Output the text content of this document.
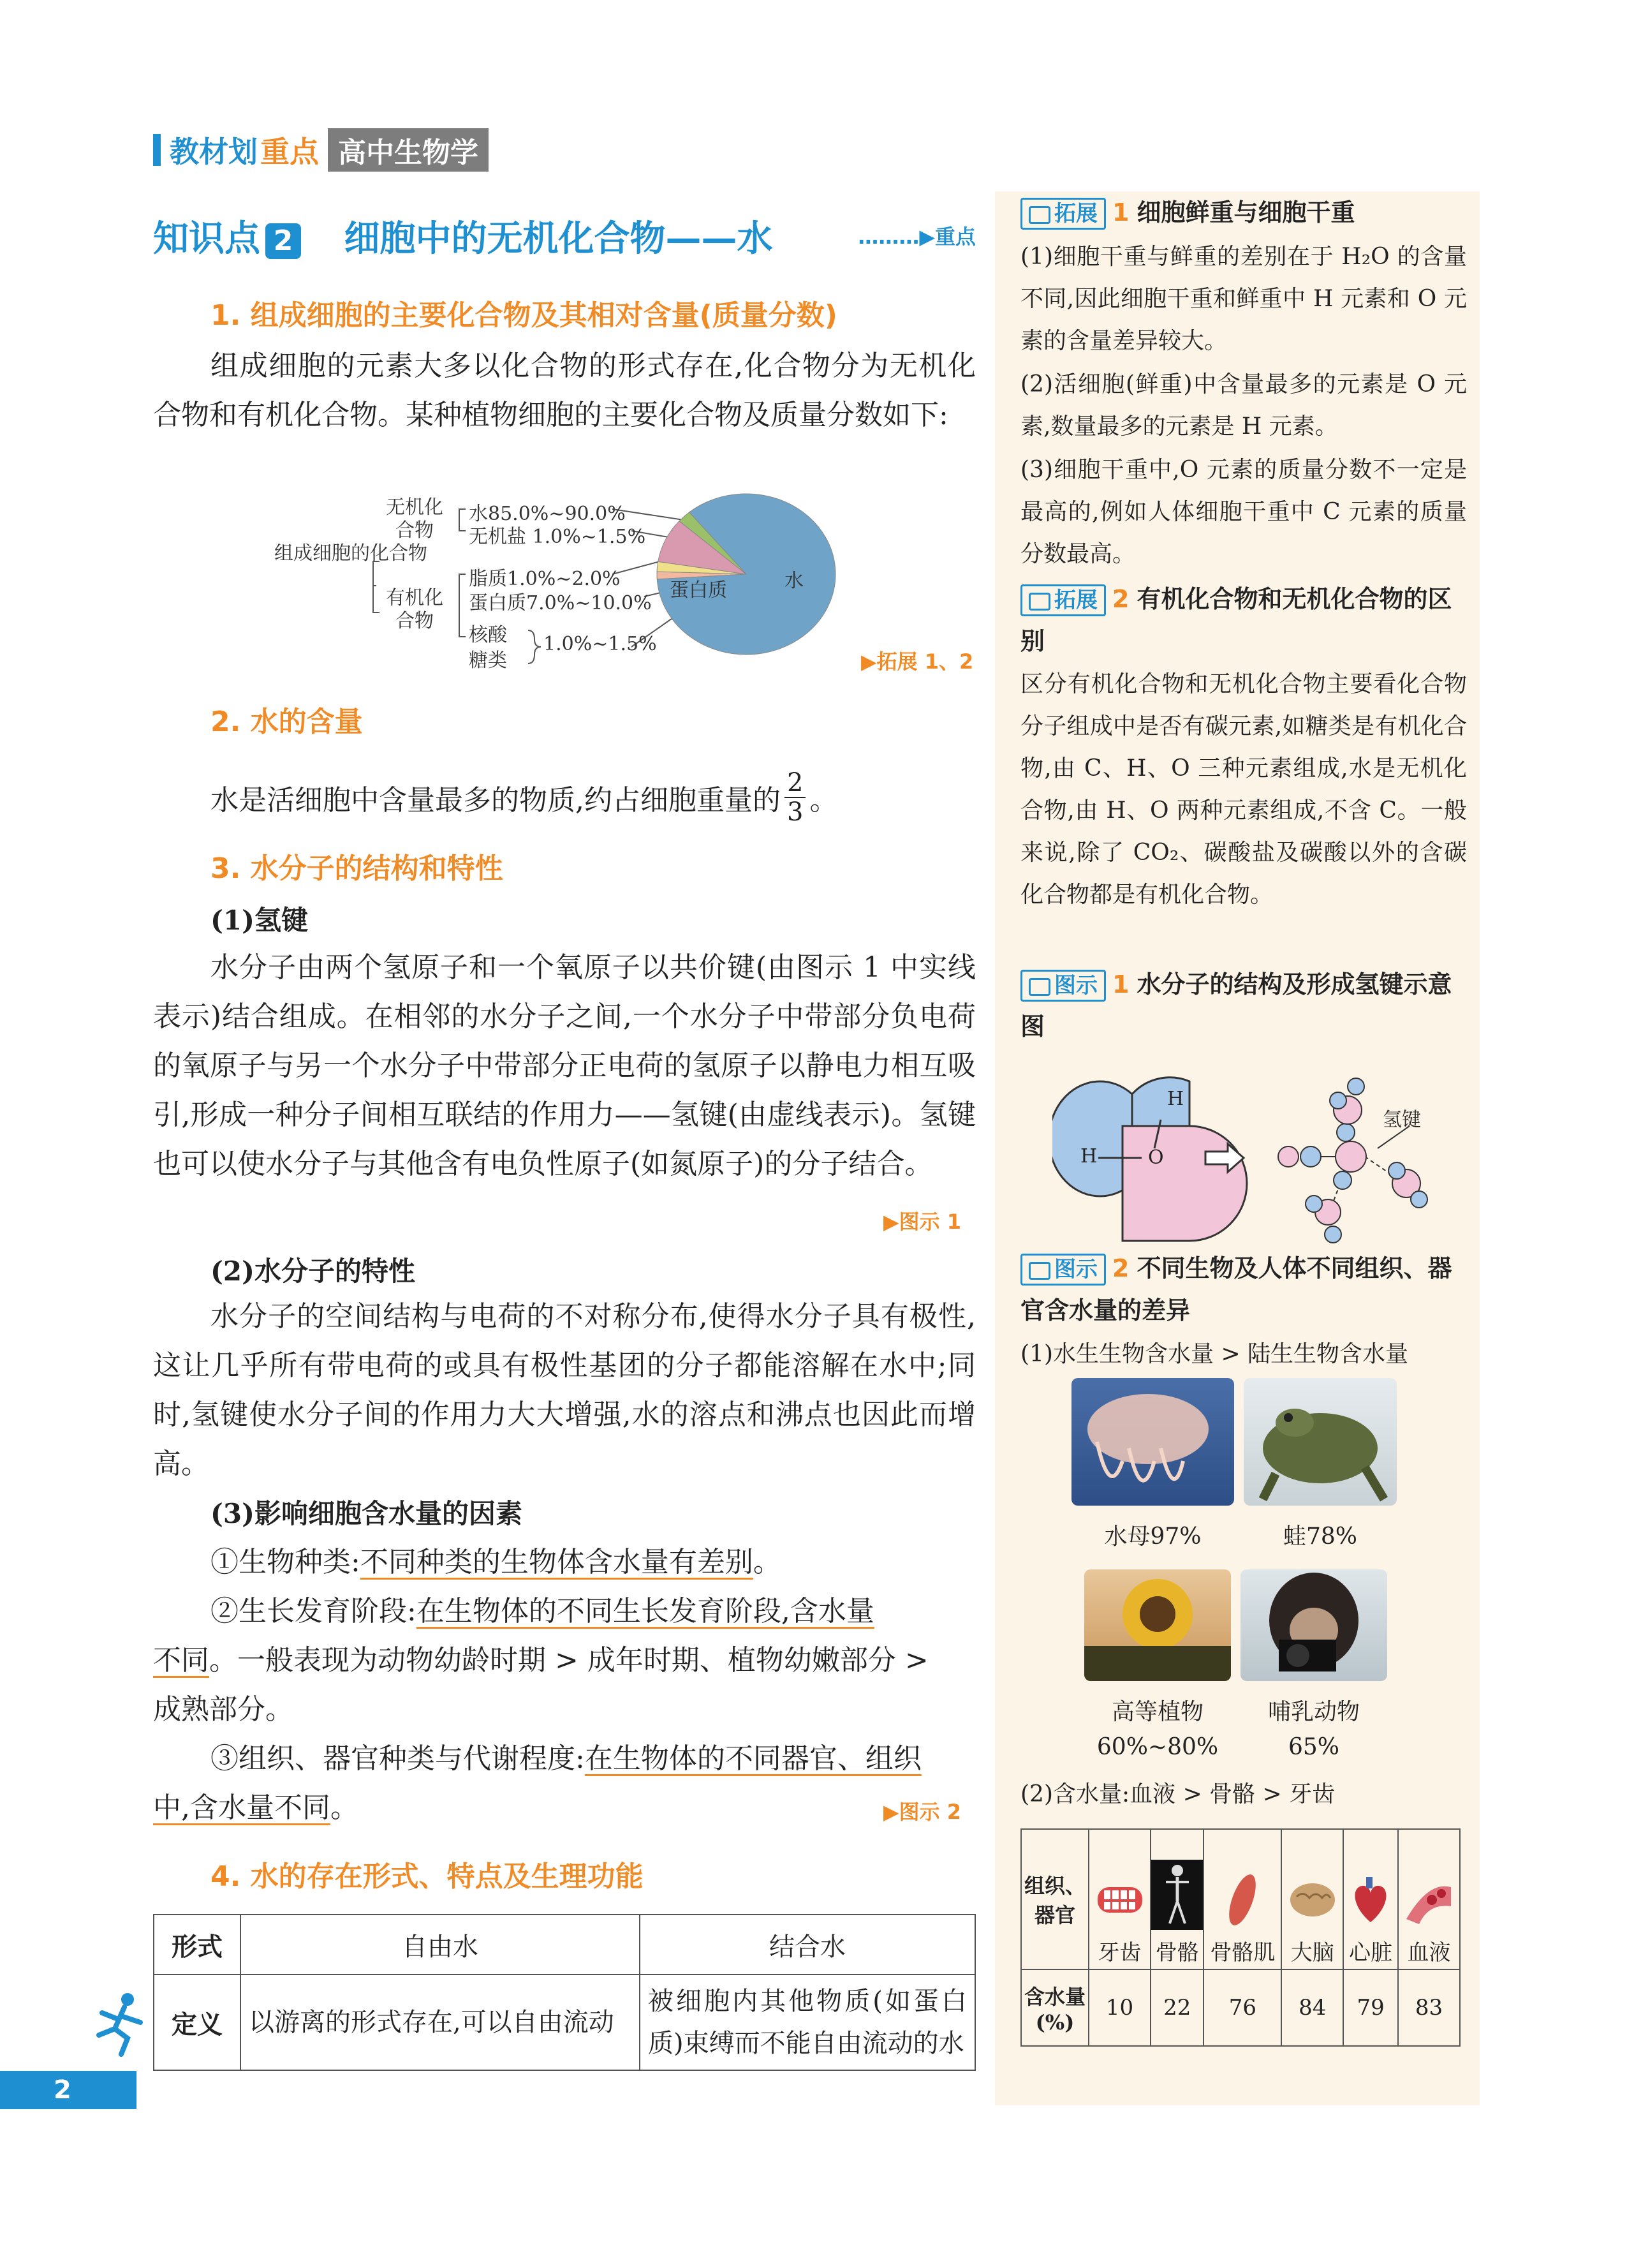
教材划 重点 高中生物学
知识点 2 细胞中的无机化合物——水	………▶重点
1. 组成细胞的主要化合物及其相对含量(质量分数)
组成细胞的元素大多以化合物的形式存在,化合物分为无机化合物和有机化合物。某种植物细胞的主要化合物及质量分数如下:
组成细胞的化合物
无机化合物
有机化合物
水85.0%~90.0%
无机盐 1.0%~1.5%
脂质1.0%~2.0%
蛋白质7.0%~10.0%
核酸
糖类
1.0%~1.5%
蛋白质	水
▶拓展 1、2
2. 水的含量
水是活细胞中含量最多的物质,约占细胞重量的 $\frac{2}{3}$ 。
3. 水分子的结构和特性
(1)氢键
水分子由两个氢原子和一个氧原子以共价键(由图示 1 中实线表示)结合组成。在相邻的水分子之间,一个水分子中带部分负电荷的氧原子与另一个水分子中带部分正电荷的氢原子以静电力相互吸引,形成一种分子间相互联结的作用力——氢键(由虚线表示)。氢键也可以使水分子与其他含有电负性原子(如氮原子)的分子结合。
▶图示 1
(2)水分子的特性
水分子的空间结构与电荷的不对称分布,使得水分子具有极性,这让几乎所有带电荷的或具有极性基团的分子都能溶解在水中;同时,氢键使水分子间的作用力大大增强,水的溶点和沸点也因此而增高。
(3)影响细胞含水量的因素
①生物种类:不同种类的生物体含水量有差别。
②生长发育阶段:在生物体的不同生长发育阶段,含水量
不同。一般表现为动物幼龄时期 > 成年时期、植物幼嫩部分 >
成熟部分。
③组织、器官种类与代谢程度:在生物体的不同器官、组织
中,含水量不同。	▶图示 2
4. 水的存在形式、特点及生理功能
形式	自由水	结合水
定义	以游离的形式存在,可以自由流动	被细胞内其他物质(如蛋白质)束缚而不能自由流动的水
2
拓展 1 细胞鲜重与细胞干重
(1)细胞干重与鲜重的差别在于 H₂O 的含量不同,因此细胞干重和鲜重中 H 元素和 O 元素的含量差异较大。
(2)活细胞(鲜重)中含量最多的元素是 O 元素,数量最多的元素是 H 元素。
(3)细胞干重中,O 元素的质量分数不一定是最高的,例如人体细胞干重中 C 元素的质量分数最高。
拓展 2 有机化合物和无机化合物的区别
区分有机化合物和无机化合物主要看化合物分子组成中是否有碳元素,如糖类是有机化合物,由 C、H、O 三种元素组成,水是无机化合物,由 H、O 两种元素组成,不含 C。一般来说,除了 CO₂、碳酸盐及碳酸以外的含碳化合物都是有机化合物。
图示 1 水分子的结构及形成氢键示意图
H
H	O
氢键
图示 2 不同生物及人体不同组织、器官含水量的差异
(1)水生生物含水量 > 陆生生物含水量
水母97%	蛙78%
高等植物	哺乳动物
60%~80%	65%
(2)含水量:血液 > 骨骼 > 牙齿
组织、器官	牙齿	骨骼	骨骼肌	大脑	心脏	血液
含水量(%)	10	22	76	84	79	83
